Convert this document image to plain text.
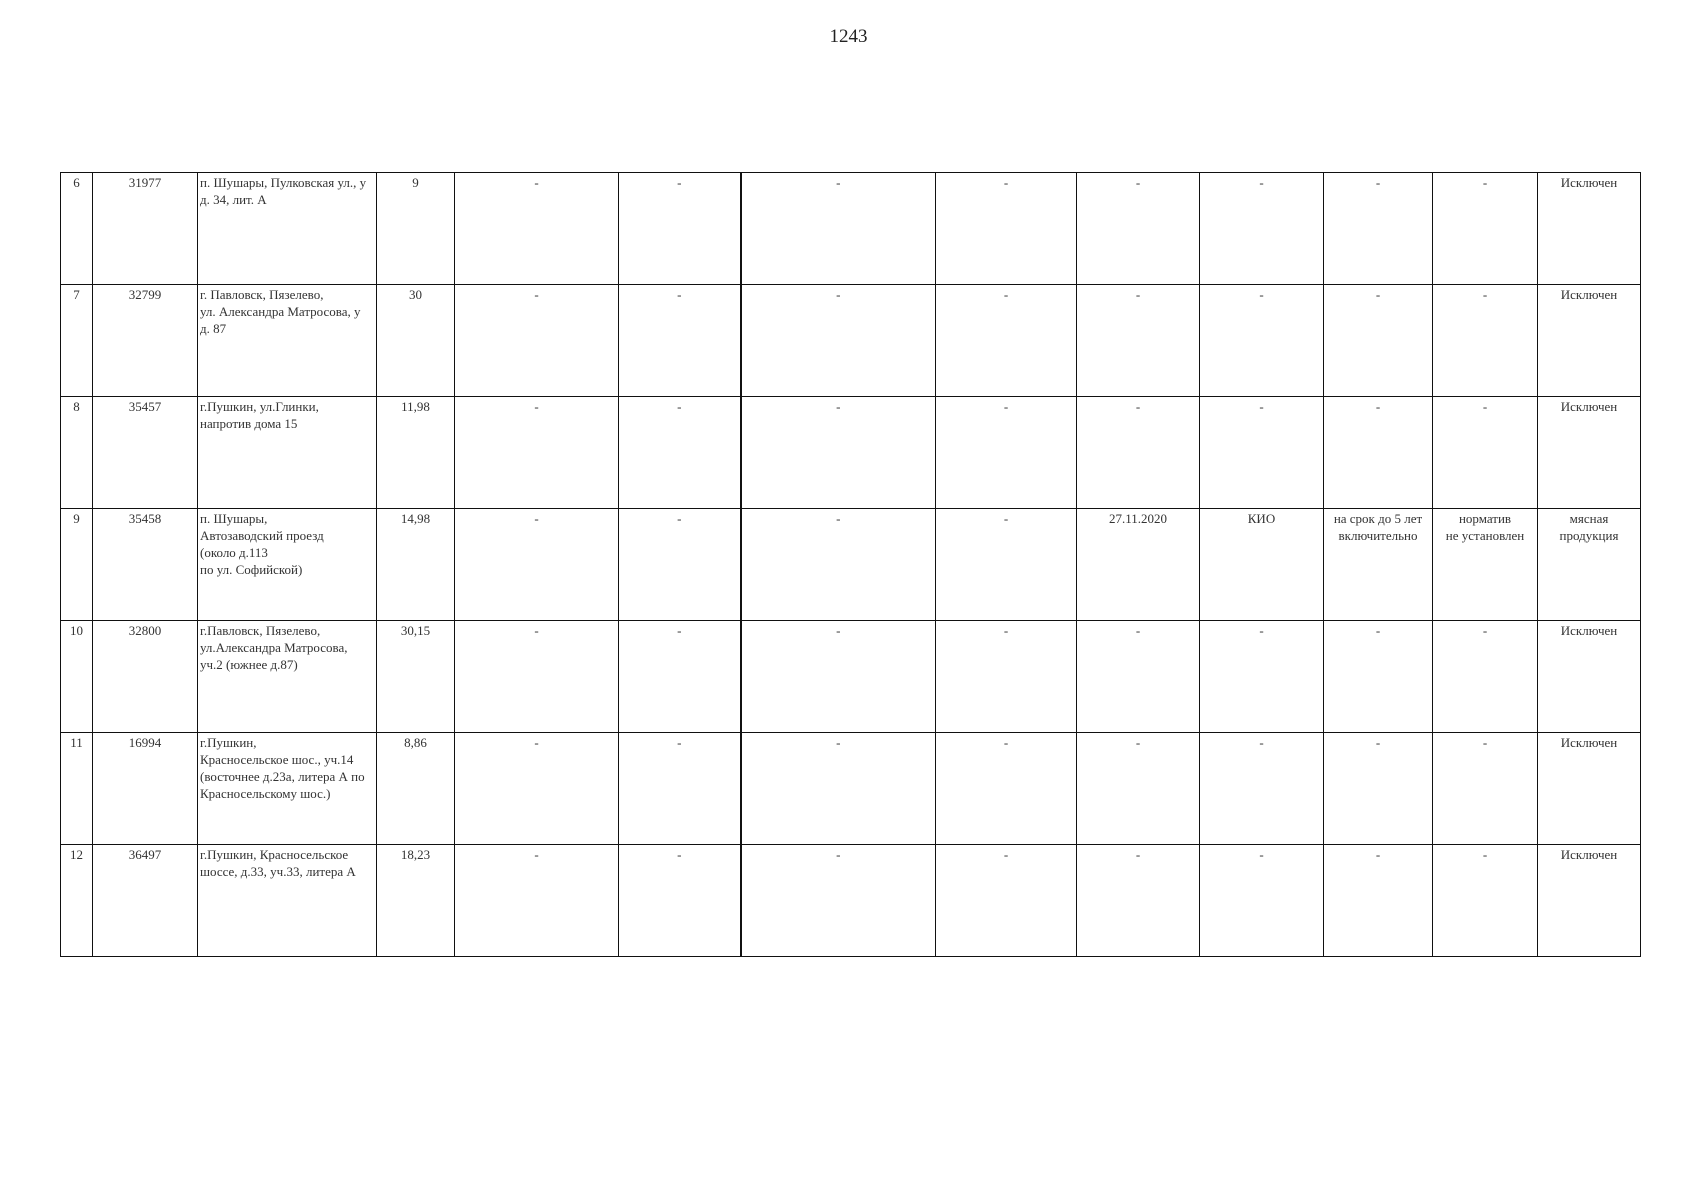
1243
6	31977	п. Шушары, Пулковская ул., у
д. 34, лит. А	9	-	-	-	-	-	-	-	-	Исключен

7	32799	г. Павловск, Пязелево,
ул. Александра Матросова, у
д. 87	30	-	-	-	-	-	-	-	-	Исключен

8	35457	г.Пушкин, ул.Глинки,
напротив дома 15	11,98	-	-	-	-	-	-	-	-	Исключен

9	35458	п. Шушары,
Автозаводский проезд
(около д.113
по ул. Софийской)	14,98	-	-	-	-	27.11.2020	КИО	на срок до 5 лет
включительно	норматив
не установлен	мясная
продукция

10	32800	г.Павловск, Пязелево,
ул.Александра Матросова,
уч.2 (южнее д.87)	30,15	-	-	-	-	-	-	-	-	Исключен

11	16994	г.Пушкин,
Красносельское шос., уч.14
(восточнее д.23а, литера А по
Красносельскому шос.)	8,86	-	-	-	-	-	-	-	-	Исключен

12	36497	г.Пушкин, Красносельское
шоссе, д.33, уч.33, литера А	18,23	-	-	-	-	-	-	-	-	Исключен
